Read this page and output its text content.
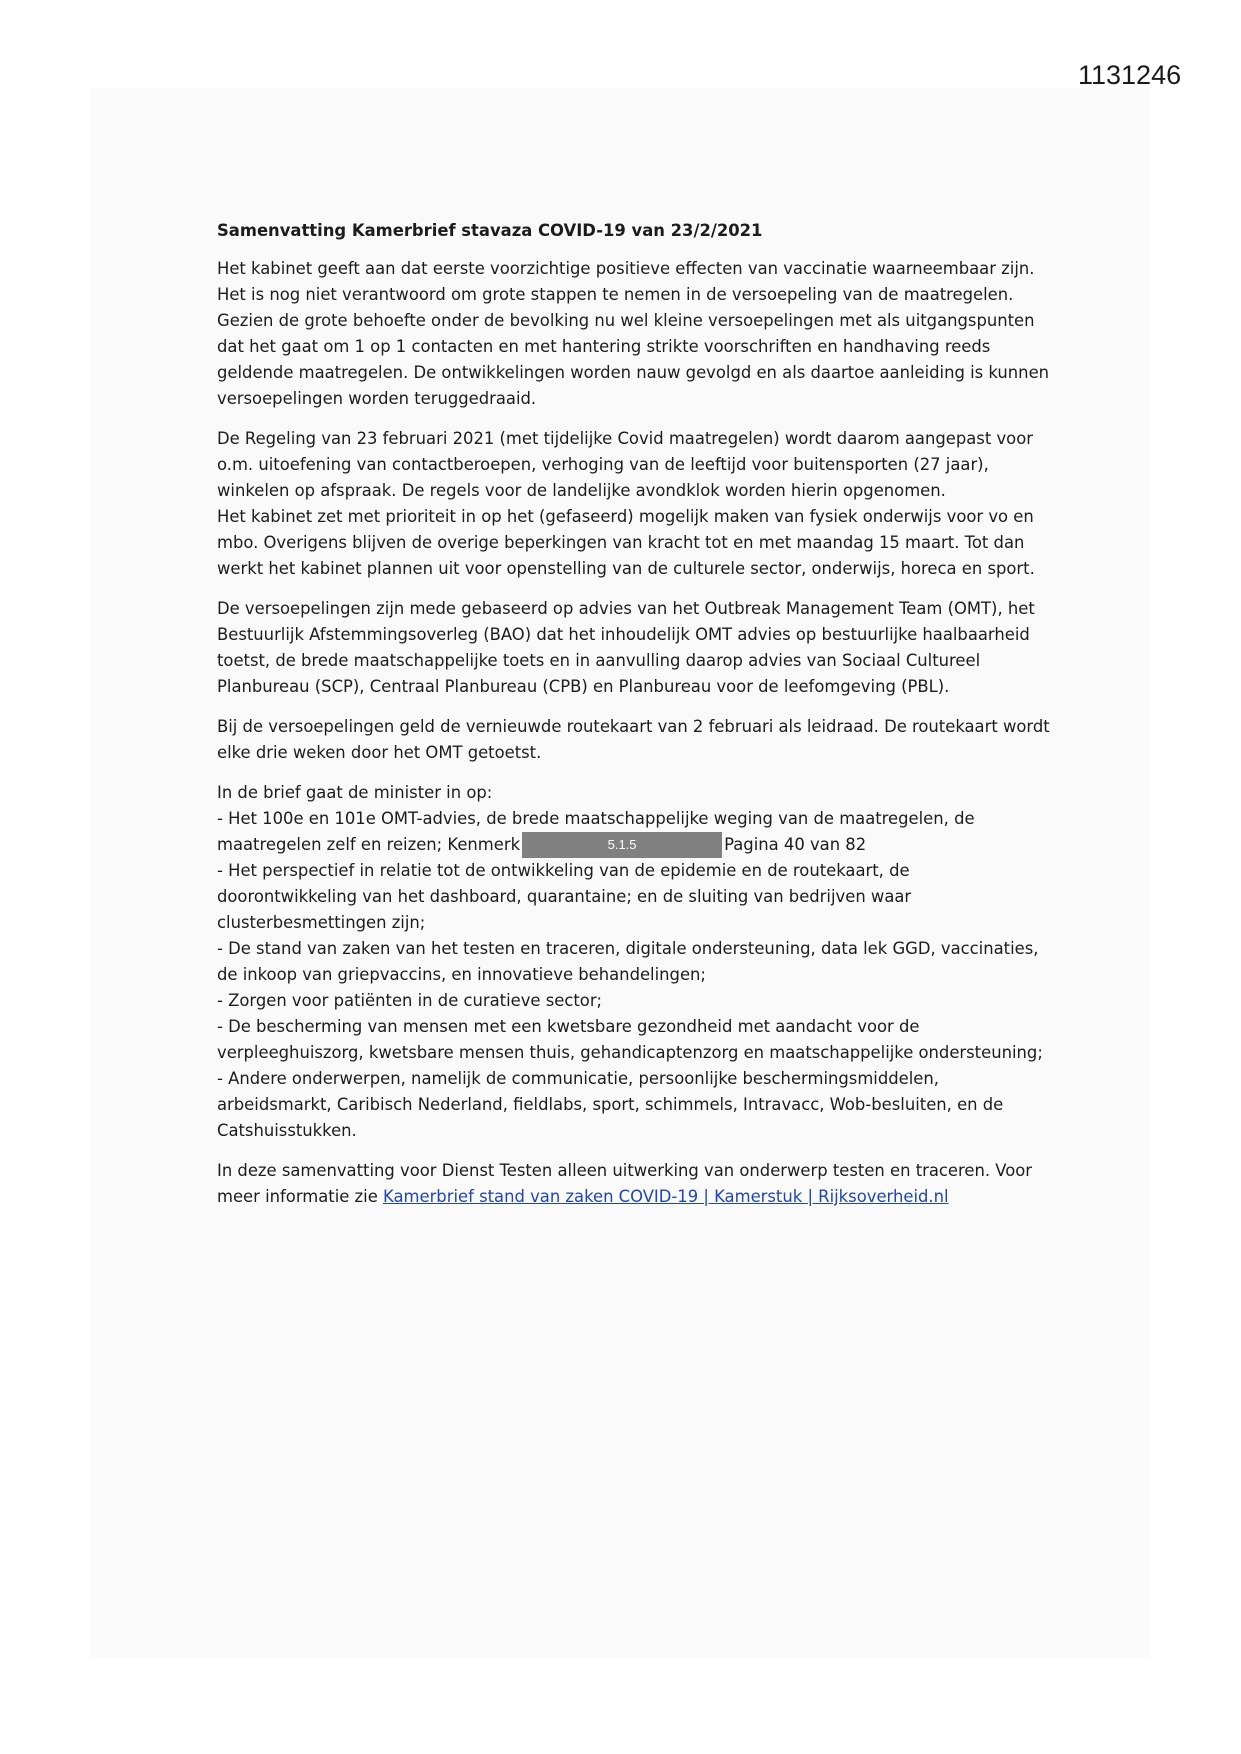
1131246
Samenvatting Kamerbrief stavaza COVID-19 van 23/2/2021

Het kabinet geeft aan dat eerste voorzichtige positieve effecten van vaccinatie waarneembaar zijn.
Het is nog niet verantwoord om grote stappen te nemen in de versoepeling van de maatregelen.
Gezien de grote behoefte onder de bevolking nu wel kleine versoepelingen met als uitgangspunten
dat het gaat om 1 op 1 contacten en met hantering strikte voorschriften en handhaving reeds
geldende maatregelen. De ontwikkelingen worden nauw gevolgd en als daartoe aanleiding is kunnen
versoepelingen worden teruggedraaid.

De Regeling van 23 februari 2021 (met tijdelijke Covid maatregelen) wordt daarom aangepast voor
o.m. uitoefening van contactberoepen, verhoging van de leeftijd voor buitensporten (27 jaar),
winkelen op afspraak. De regels voor de landelijke avondklok worden hierin opgenomen.
Het kabinet zet met prioriteit in op het (gefaseerd) mogelijk maken van fysiek onderwijs voor vo en
mbo. Overigens blijven de overige beperkingen van kracht tot en met maandag 15 maart. Tot dan
werkt het kabinet plannen uit voor openstelling van de culturele sector, onderwijs, horeca en sport.

De versoepelingen zijn mede gebaseerd op advies van het Outbreak Management Team (OMT), het
Bestuurlijk Afstemmingsoverleg (BAO) dat het inhoudelijk OMT advies op bestuurlijke haalbaarheid
toetst, de brede maatschappelijke toets en in aanvulling daarop advies van Sociaal Cultureel
Planbureau (SCP), Centraal Planbureau (CPB) en Planbureau voor de leefomgeving (PBL).

Bij de versoepelingen geld de vernieuwde routekaart van 2 februari als leidraad. De routekaart wordt
elke drie weken door het OMT getoetst.

In de brief gaat de minister in op:
- Het 100e en 101e OMT-advies, de brede maatschappelijke weging van de maatregelen, de
maatregelen zelf en reizen; Kenmerk	5.1.5	Pagina 40 van 82
- Het perspectief in relatie tot de ontwikkeling van de epidemie en de routekaart, de
doorontwikkeling van het dashboard, quarantaine; en de sluiting van bedrijven waar
clusterbesmettingen zijn;
- De stand van zaken van het testen en traceren, digitale ondersteuning, data lek GGD, vaccinaties,
de inkoop van griepvaccins, en innovatieve behandelingen;
- Zorgen voor patiënten in de curatieve sector;
- De bescherming van mensen met een kwetsbare gezondheid met aandacht voor de
verpleeghuiszorg, kwetsbare mensen thuis, gehandicaptenzorg en maatschappelijke ondersteuning;
- Andere onderwerpen, namelijk de communicatie, persoonlijke beschermingsmiddelen,
arbeidsmarkt, Caribisch Nederland, fieldlabs, sport, schimmels, Intravacc, Wob-besluiten, en de
Catshuisstukken.

In deze samenvatting voor Dienst Testen alleen uitwerking van onderwerp testen en traceren. Voor
meer informatie zie Kamerbrief stand van zaken COVID-19 | Kamerstuk | Rijksoverheid.nl
